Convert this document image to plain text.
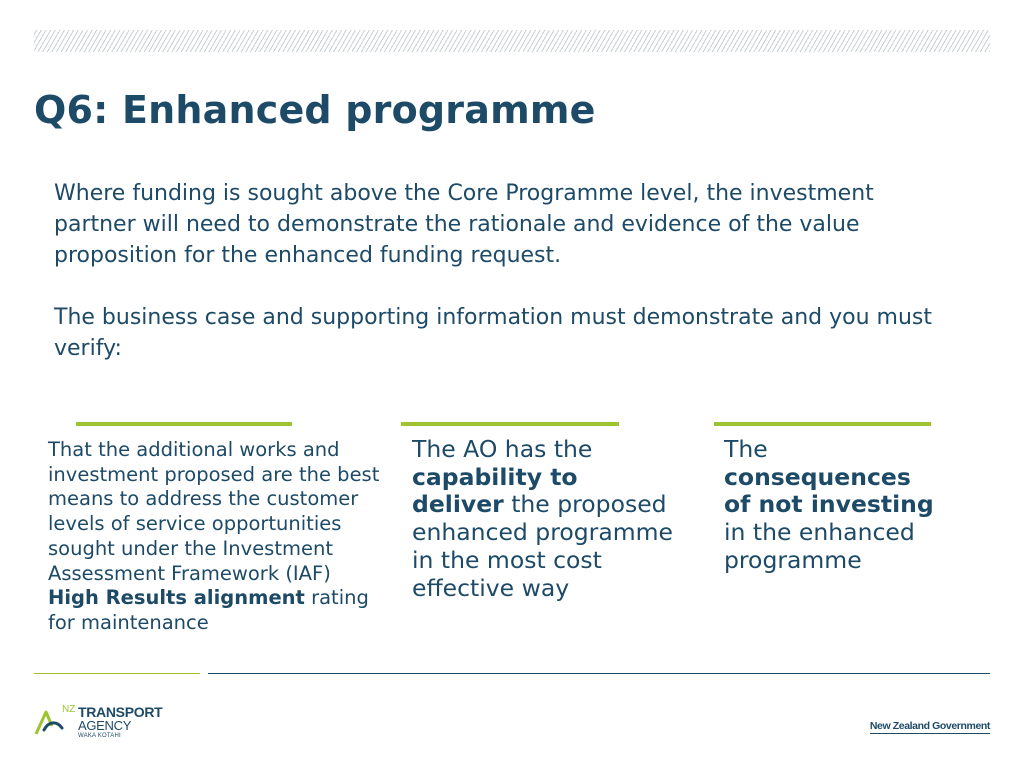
Q6: Enhanced programme

Where funding is sought above the Core Programme level, the investment partner will need to demonstrate the rationale and evidence of the value proposition for the enhanced funding request.

The business case and supporting information must demonstrate and you must verify:

That the additional works and investment proposed are the best means to address the customer levels of service opportunities sought under the Investment Assessment Framework (IAF) High Results alignment rating for maintenance
The AO has the capability to deliver the proposed enhanced programme in the most cost effective way
The consequences of not investing in the enhanced programme
NZ TRANSPORT
AGENCY
WAKA KOTAHI
New Zealand Government
